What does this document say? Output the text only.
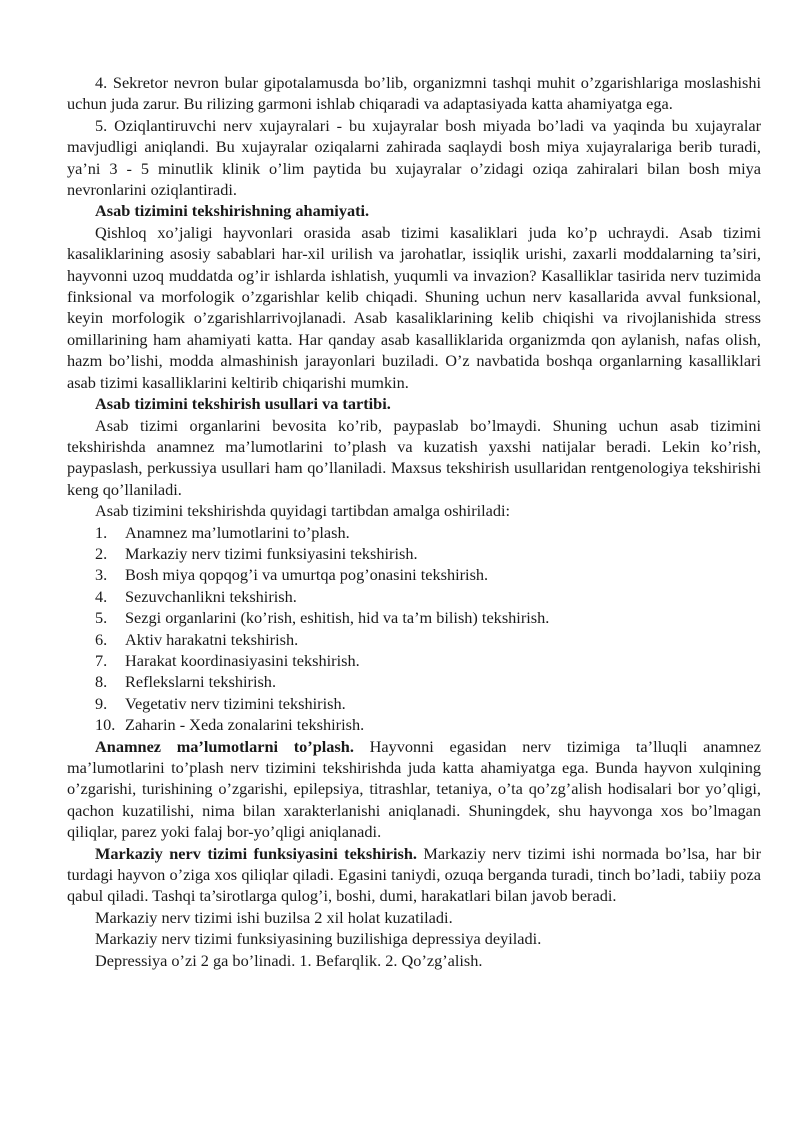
4. Sekretor nevron bular gipotalamusda bo’lib, organizmni tashqi muhit o’zgarishlariga moslashishi uchun juda zarur. Bu rilizing garmoni ishlab chiqaradi va adaptasiyada katta ahamiyatga ega.

5. Oziqlantiruvchi nerv xujayralari - bu xujayralar bosh miyada bo’ladi va yaqinda bu xujayralar mavjudligi aniqlandi. Bu xujayralar oziqalarni zahirada saqlaydi bosh miya xujayralariga berib turadi, ya’ni 3 - 5 minutlik klinik o’lim paytida bu xujayralar o’zidagi oziqa zahiralari bilan bosh miya nevronlarini oziqlantiradi.

Asab tizimini tekshirishning ahamiyati.

Qishloq xo’jaligi hayvonlari orasida asab tizimi kasaliklari juda ko’p uchraydi. Asab tizimi kasaliklarining asosiy sabablari har-xil urilish va jarohatlar, issiqlik urishi, zaxarli moddalarning ta’siri, hayvonni uzoq muddatda og’ir ishlarda ishlatish, yuqumli va invazion? Kasalliklar tasirida nerv tuzimida finksional va morfologik o’zgarishlar kelib chiqadi. Shuning uchun nerv kasallarida avval funksional, keyin morfologik o’zgarishlarrivojlanadi. Asab kasaliklarining kelib chiqishi va rivojlanishida stress omillarining ham ahamiyati katta. Har qanday asab kasalliklarida organizmda qon aylanish, nafas olish, hazm bo’lishi, modda almashinish jarayonlari buziladi. O’z navbatida boshqa organlarning kasalliklari asab tizimi kasalliklarini keltirib chiqarishi mumkin.

Asab tizimini tekshirish usullari va tartibi.

Asab tizimi organlarini bevosita ko’rib, paypaslab bo’lmaydi. Shuning uchun asab tizimini tekshirishda anamnez ma’lumotlarini to’plash va kuzatish yaxshi natijalar beradi. Lekin ko’rish, paypaslash, perkussiya usullari ham qo’llaniladi. Maxsus tekshirish usullaridan rentgenologiya tekshirishi keng qo’llaniladi.

Asab tizimini tekshirishda quyidagi tartibdan amalga oshiriladi:

1.	Anamnez ma’lumotlarini to’plash.
2.	Markaziy nerv tizimi funksiyasini tekshirish.
3.	Bosh miya qopqog’i va umurtqa pog’onasini tekshirish.
4.	Sezuvchanlikni tekshirish.
5.	Sezgi organlarini (ko’rish, eshitish, hid va ta’m bilish) tekshirish.
6.	Aktiv harakatni tekshirish.
7.	Harakat koordinasiyasini tekshirish.
8.	Reflekslarni tekshirish.
9.	Vegetativ nerv tizimini tekshirish.
10. Zaharin - Xeda zonalarini tekshirish.

Anamnez ma’lumotlarni to’plash. Hayvonni egasidan nerv tizimiga ta’lluqli anamnez ma’lumotlarini to’plash nerv tizimini tekshirishda juda katta ahamiyatga ega. Bunda hayvon xulqining o’zgarishi, turishining o’zgarishi, epilepsiya, titrashlar, tetaniya, o’ta qo’zg’alish hodisalari bor yo’qligi, qachon kuzatilishi, nima bilan xarakterlanishi aniqlanadi. Shuningdek, shu hayvonga xos bo’lmagan qiliqlar, parez yoki falaj bor-yo’qligi aniqlanadi.

Markaziy nerv tizimi funksiyasini tekshirish. Markaziy nerv tizimi ishi normada bo’lsa, har bir turdagi hayvon o’ziga xos qiliqlar qiladi. Egasini taniydi, ozuqa berganda turadi, tinch bo’ladi, tabiiy poza qabul qiladi. Tashqi ta’sirotlarga qulog’i, boshi, dumi, harakatlari bilan javob beradi.

Markaziy nerv tizimi ishi buzilsa 2 xil holat kuzatiladi.

Markaziy nerv tizimi funksiyasining buzilishiga depressiya deyiladi.

Depressiya o’zi 2 ga bo’linadi. 1. Befarqlik. 2. Qo’zg’alish.
